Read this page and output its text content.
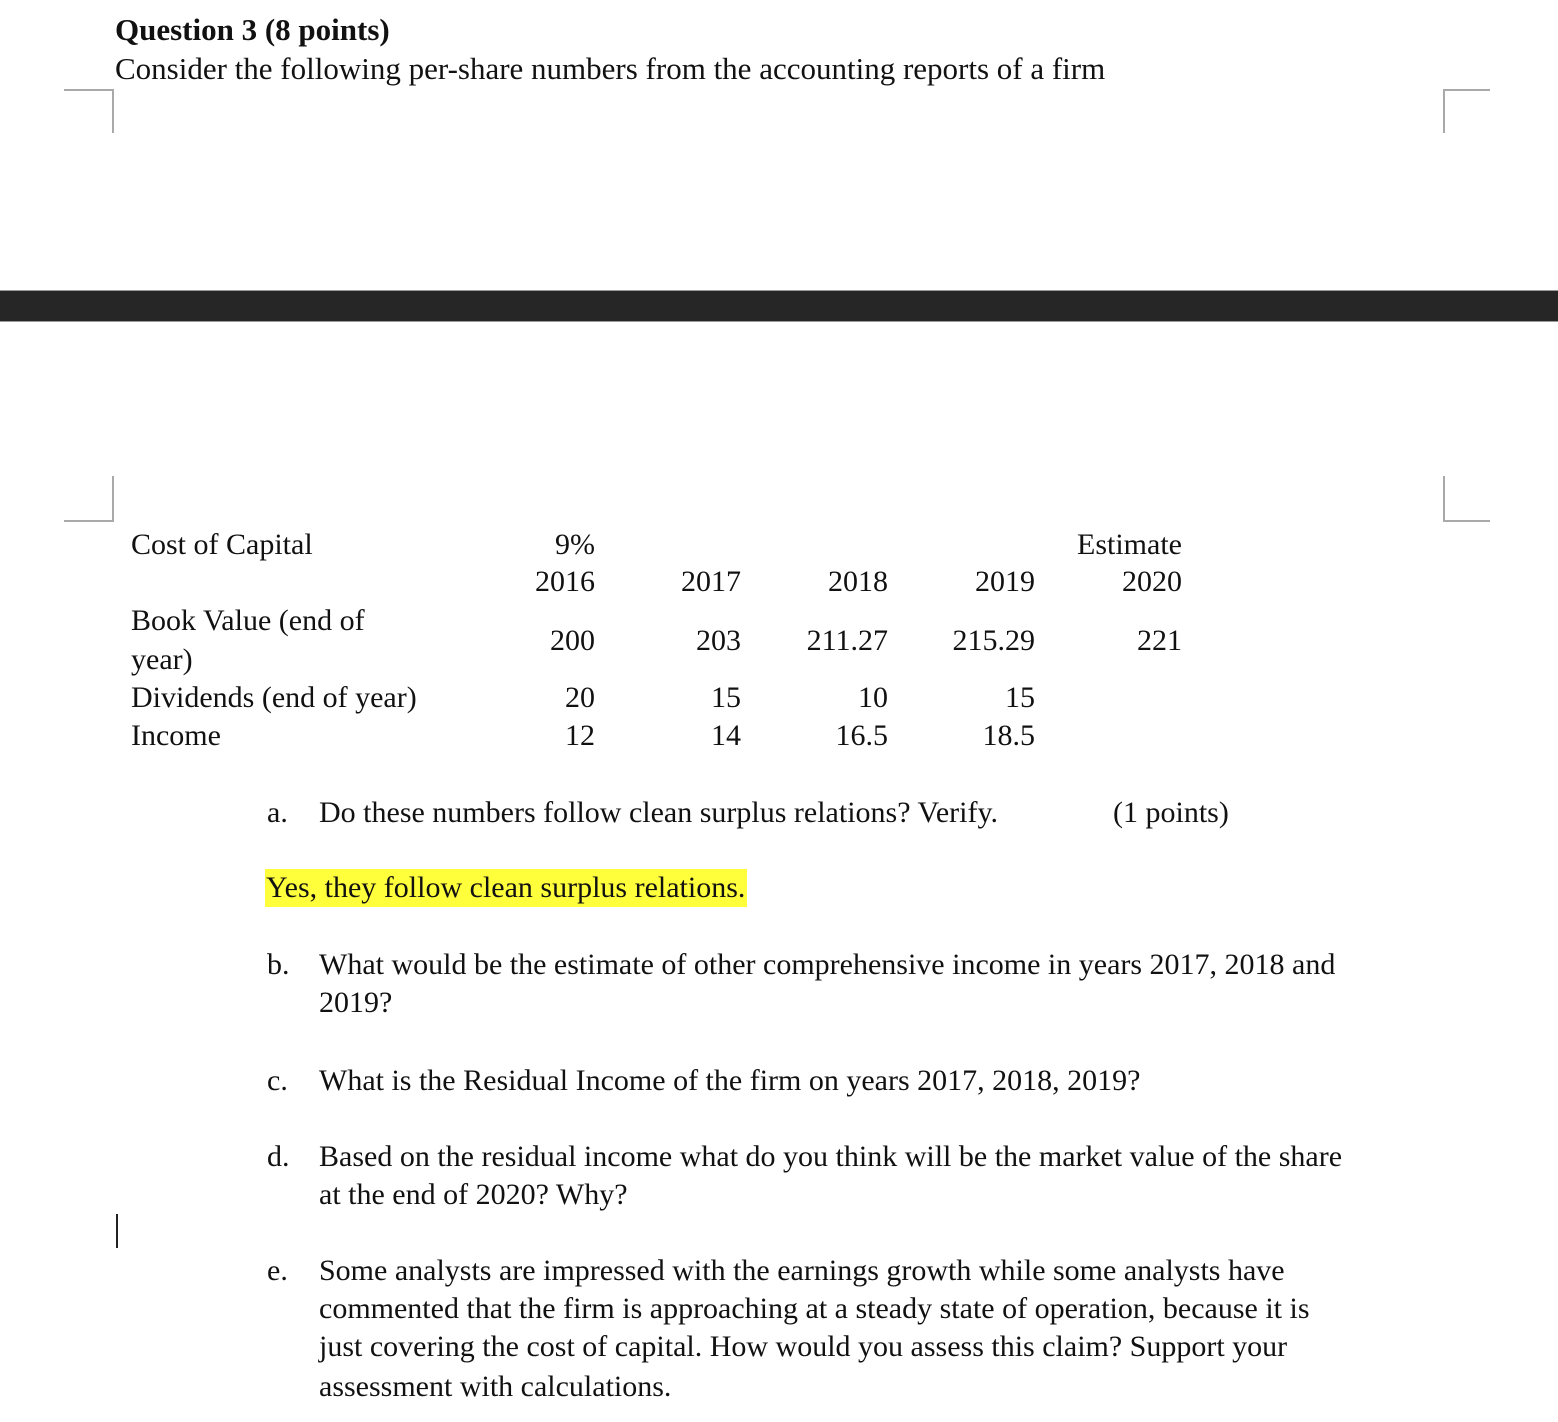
Question 3 (8 points)
Consider the following per-share numbers from the accounting reports of a firm
Cost of Capital	9%	Estimate
2016	2017	2018	2019	2020
Book Value (end of
year)
200	203	211.27	215.29	221
Dividends (end of year)	20	15	10	15
Income	12	14	16.5	18.5
a. Do these numbers follow clean surplus relations? Verify.	(1 points)
Yes, they follow clean surplus relations.
b. What would be the estimate of other comprehensive income in years 2017, 2018 and
2019?
c. What is the Residual Income of the firm on years 2017, 2018, 2019?
d. Based on the residual income what do you think will be the market value of the share
at the end of 2020? Why?
e. Some analysts are impressed with the earnings growth while some analysts have
commented that the firm is approaching at a steady state of operation, because it is
just covering the cost of capital. How would you assess this claim? Support your
assessment with calculations.
